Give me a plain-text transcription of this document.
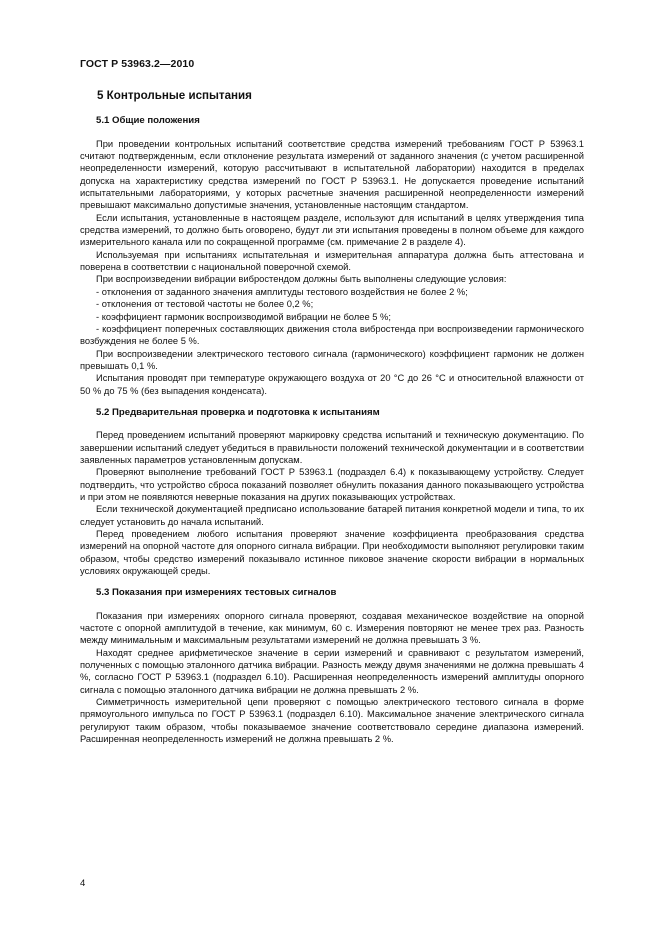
ГОСТ Р 53963.2—2010
5 Контрольные испытания
5.1 Общие положения

При проведении контрольных испытаний соответствие средства измерений требованиям ГОСТ Р 53963.1 считают подтвержденным, если отклонение результата измерений от заданного значения (с учетом расширенной неопределенности измерений, которую рассчитывают в испытательной лаборатории) находится в пределах допуска на характеристику средства измерений по ГОСТ Р 53963.1. Не допускается проведение испытаний испытательными лабораториями, у которых расчетные значения расширенной неопределенности измерений превышают максимально допустимые значения, установленные настоящим стандартом.

Если испытания, установленные в настоящем разделе, используют для испытаний в целях утверждения типа средства измерений, то должно быть оговорено, будут ли эти испытания проведены в полном объеме для каждого измерительного канала или по сокращенной программе (см. примечание 2 в разделе 4).

Используемая при испытаниях испытательная и измерительная аппаратура должна быть аттестована и поверена в соответствии с национальной поверочной схемой.

При воспроизведении вибрации вибростендом должны быть выполнены следующие условия:

- отклонения от заданного значения амплитуды тестового воздействия не более 2 %;

- отклонения от тестовой частоты не более 0,2 %;

- коэффициент гармоник воспроизводимой вибрации не более 5 %;

- коэффициент поперечных составляющих движения стола вибростенда при воспроизведении гармонического возбуждения не более 5 %.

При воспроизведении электрического тестового сигнала (гармонического) коэффициент гармоник не должен превышать 0,1 %.

Испытания проводят при температуре окружающего воздуха от 20 °С до 26 °С и относительной влажности от 50 % до 75 % (без выпадения конденсата).

5.2 Предварительная проверка и подготовка к испытаниям

Перед проведением испытаний проверяют маркировку средства испытаний и техническую документацию. По завершении испытаний следует убедиться в правильности положений технической документации и в соответствии заявленных параметров установленным допускам.

Проверяют выполнение требований ГОСТ Р 53963.1 (подраздел 6.4) к показывающему устройству. Следует подтвердить, что устройство сброса показаний позволяет обнулить показания данного показывающего устройства и при этом не появляются неверные показания на других показывающих устройствах.

Если технической документацией предписано использование батарей питания конкретной модели и типа, то их следует установить до начала испытаний.

Перед проведением любого испытания проверяют значение коэффициента преобразования средства измерений на опорной частоте для опорного сигнала вибрации. При необходимости выполняют регулировки таким образом, чтобы средство измерений показывало истинное пиковое значение скорости вибрации в нормальных условиях окружающей среды.

5.3 Показания при измерениях тестовых сигналов

Показания при измерениях опорного сигнала проверяют, создавая механическое воздействие на опорной частоте с опорной амплитудой в течение, как минимум, 60 с. Измерения повторяют не менее трех раз. Разность между минимальным и максимальным результатами измерений не должна превышать 3 %.

Находят среднее арифметическое значение в серии измерений и сравнивают с результатом измерений, полученных с помощью эталонного датчика вибрации. Разность между двумя значениями не должна превышать 4 %, согласно ГОСТ Р 53963.1 (подраздел 6.10). Расширенная неопределенность измерений амплитуды опорного сигнала с помощью эталонного датчика вибрации не должна превышать 2 %.

Симметричность измерительной цепи проверяют с помощью электрического тестового сигнала в форме прямоугольного импульса по ГОСТ Р 53963.1 (подраздел 6.10). Максимальное значение электрического сигнала регулируют таким образом, чтобы показываемое значение соответствовало середине диапазона измерений. Расширенная неопределенность измерений не должна превышать 2 %.

4
